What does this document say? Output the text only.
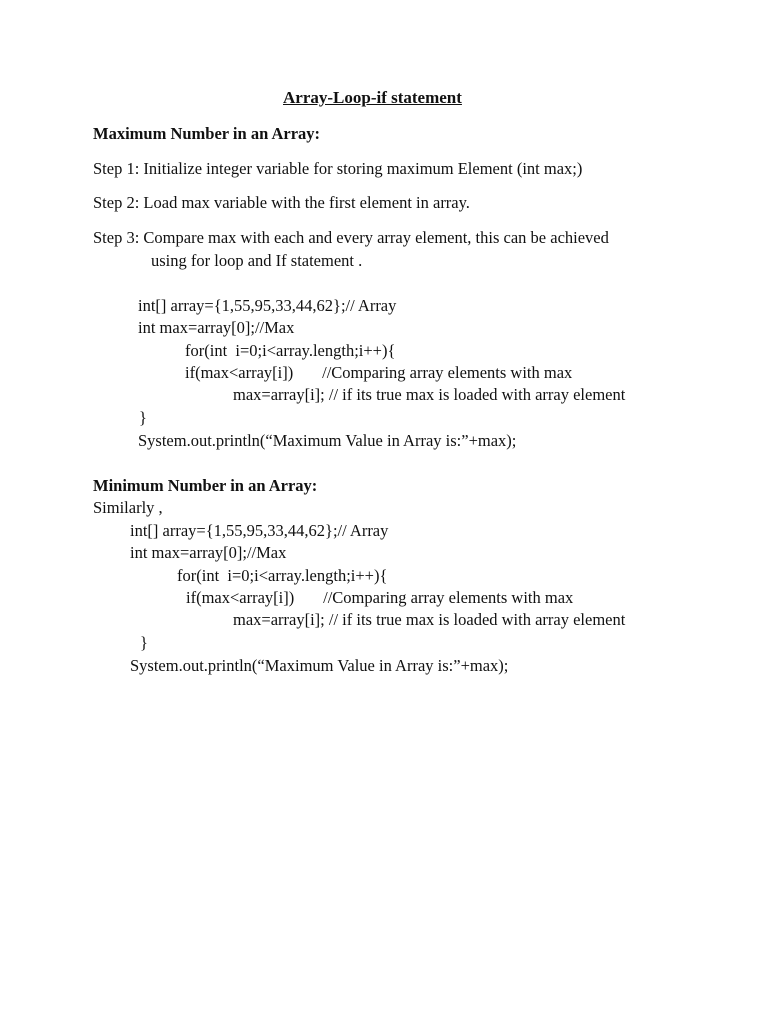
Array-Loop-if statement
Maximum Number in an Array:
Step 1: Initialize integer variable for storing maximum Element (int max;)
Step 2: Load max variable with the first element in array.
Step 3: Compare max with each and every array element, this can be achieved
using for loop and If statement .
int[] array={1,55,95,33,44,62};// Array
int max=array[0];//Max
for(int  i=0;i<array.length;i++){
if(max<array[i])       //Comparing array elements with max
max=array[i]; // if its true max is loaded with array element
}
System.out.println(“Maximum Value in Array is:”+max);
Minimum Number in an Array:
Similarly ,
int[] array={1,55,95,33,44,62};// Array
int max=array[0];//Max
for(int  i=0;i<array.length;i++){
if(max<array[i])       //Comparing array elements with max
max=array[i]; // if its true max is loaded with array element
}
System.out.println(“Maximum Value in Array is:”+max);
